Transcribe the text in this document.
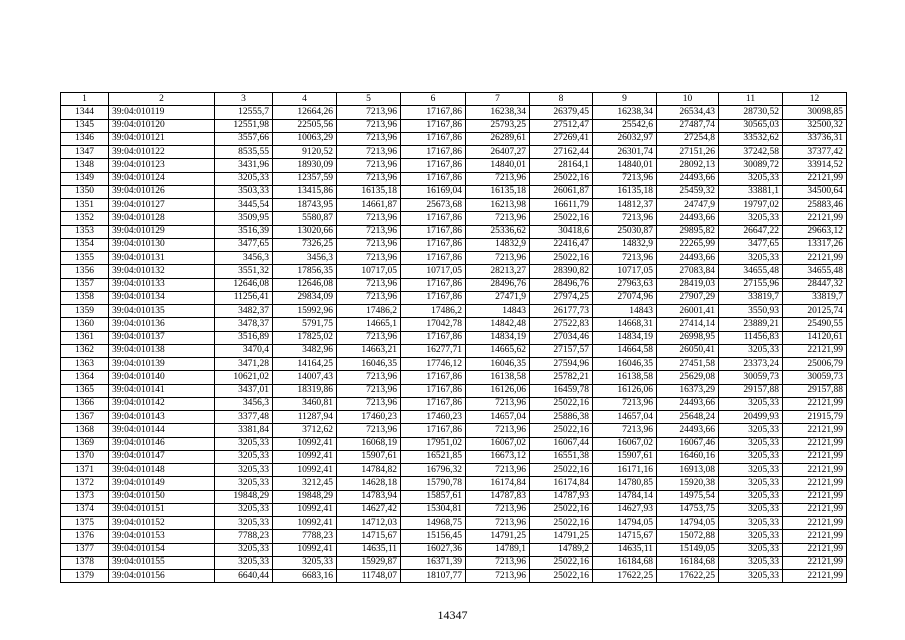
1	2	3	4	5	6	7	8	9	10	11	12
1344	39:04:010119	12555,7	12664,26	7213,96	17167,86	16238,34	26379,45	16238,34	26534,43	28730,52	30098,85
1345	39:04:010120	12551,98	22505,56	7213,96	17167,86	25793,25	27512,47	25542,6	27487,74	30565,03	32500,32
1346	39:04:010121	3557,66	10063,29	7213,96	17167,86	26289,61	27269,41	26032,97	27254,8	33532,62	33736,31
1347	39:04:010122	8535,55	9120,52	7213,96	17167,86	26407,27	27162,44	26301,74	27151,26	37242,58	37377,42
1348	39:04:010123	3431,96	18930,09	7213,96	17167,86	14840,01	28164,1	14840,01	28092,13	30089,72	33914,52
1349	39:04:010124	3205,33	12357,59	7213,96	17167,86	7213,96	25022,16	7213,96	24493,66	3205,33	22121,99
1350	39:04:010126	3503,33	13415,86	16135,18	16169,04	16135,18	26061,87	16135,18	25459,32	33881,1	34500,64
1351	39:04:010127	3445,54	18743,95	14661,87	25673,68	16213,98	16611,79	14812,37	24747,9	19797,02	25883,46
1352	39:04:010128	3509,95	5580,87	7213,96	17167,86	7213,96	25022,16	7213,96	24493,66	3205,33	22121,99
1353	39:04:010129	3516,39	13020,66	7213,96	17167,86	25336,62	30418,6	25030,87	29895,82	26647,22	29663,12
1354	39:04:010130	3477,65	7326,25	7213,96	17167,86	14832,9	22416,47	14832,9	22265,99	3477,65	13317,26
1355	39:04:010131	3456,3	3456,3	7213,96	17167,86	7213,96	25022,16	7213,96	24493,66	3205,33	22121,99
1356	39:04:010132	3551,32	17856,35	10717,05	10717,05	28213,27	28390,82	10717,05	27083,84	34655,48	34655,48
1357	39:04:010133	12646,08	12646,08	7213,96	17167,86	28496,76	28496,76	27963,63	28419,03	27155,96	28447,32
1358	39:04:010134	11256,41	29834,09	7213,96	17167,86	27471,9	27974,25	27074,96	27907,29	33819,7	33819,7
1359	39:04:010135	3482,37	15992,96	17486,2	17486,2	14843	26177,73	14843	26001,41	3550,93	20125,74
1360	39:04:010136	3478,37	5791,75	14665,1	17042,78	14842,48	27522,83	14668,31	27414,14	23889,21	25490,55
1361	39:04:010137	3516,89	17825,02	7213,96	17167,86	14834,19	27034,46	14834,19	26998,95	11456,83	14120,61
1362	39:04:010138	3470,4	3482,96	14663,21	16277,71	14665,62	27157,57	14664,58	26050,41	3205,33	22121,99
1363	39:04:010139	3471,28	14164,25	16046,35	17746,12	16046,35	27594,96	16046,35	27451,58	23373,24	25006,79
1364	39:04:010140	10621,02	14007,43	7213,96	17167,86	16138,58	25782,21	16138,58	25629,08	30059,73	30059,73
1365	39:04:010141	3437,01	18319,86	7213,96	17167,86	16126,06	16459,78	16126,06	16373,29	29157,88	29157,88
1366	39:04:010142	3456,3	3460,81	7213,96	17167,86	7213,96	25022,16	7213,96	24493,66	3205,33	22121,99
1367	39:04:010143	3377,48	11287,94	17460,23	17460,23	14657,04	25886,38	14657,04	25648,24	20499,93	21915,79
1368	39:04:010144	3381,84	3712,62	7213,96	17167,86	7213,96	25022,16	7213,96	24493,66	3205,33	22121,99
1369	39:04:010146	3205,33	10992,41	16068,19	17951,02	16067,02	16067,44	16067,02	16067,46	3205,33	22121,99
1370	39:04:010147	3205,33	10992,41	15907,61	16521,85	16673,12	16551,38	15907,61	16460,16	3205,33	22121,99
1371	39:04:010148	3205,33	10992,41	14784,82	16796,32	7213,96	25022,16	16171,16	16913,08	3205,33	22121,99
1372	39:04:010149	3205,33	3212,45	14628,18	15790,78	16174,84	16174,84	14780,85	15920,38	3205,33	22121,99
1373	39:04:010150	19848,29	19848,29	14783,94	15857,61	14787,83	14787,93	14784,14	14975,54	3205,33	22121,99
1374	39:04:010151	3205,33	10992,41	14627,42	15304,81	7213,96	25022,16	14627,93	14753,75	3205,33	22121,99
1375	39:04:010152	3205,33	10992,41	14712,03	14968,75	7213,96	25022,16	14794,05	14794,05	3205,33	22121,99
1376	39:04:010153	7788,23	7788,23	14715,67	15156,45	14791,25	14791,25	14715,67	15072,88	3205,33	22121,99
1377	39:04:010154	3205,33	10992,41	14635,11	16027,36	14789,1	14789,2	14635,11	15149,05	3205,33	22121,99
1378	39:04:010155	3205,33	3205,33	15929,87	16371,39	7213,96	25022,16	16184,68	16184,68	3205,33	22121,99
1379	39:04:010156	6640,44	6683,16	11748,07	18107,77	7213,96	25022,16	17622,25	17622,25	3205,33	22121,99
14347
